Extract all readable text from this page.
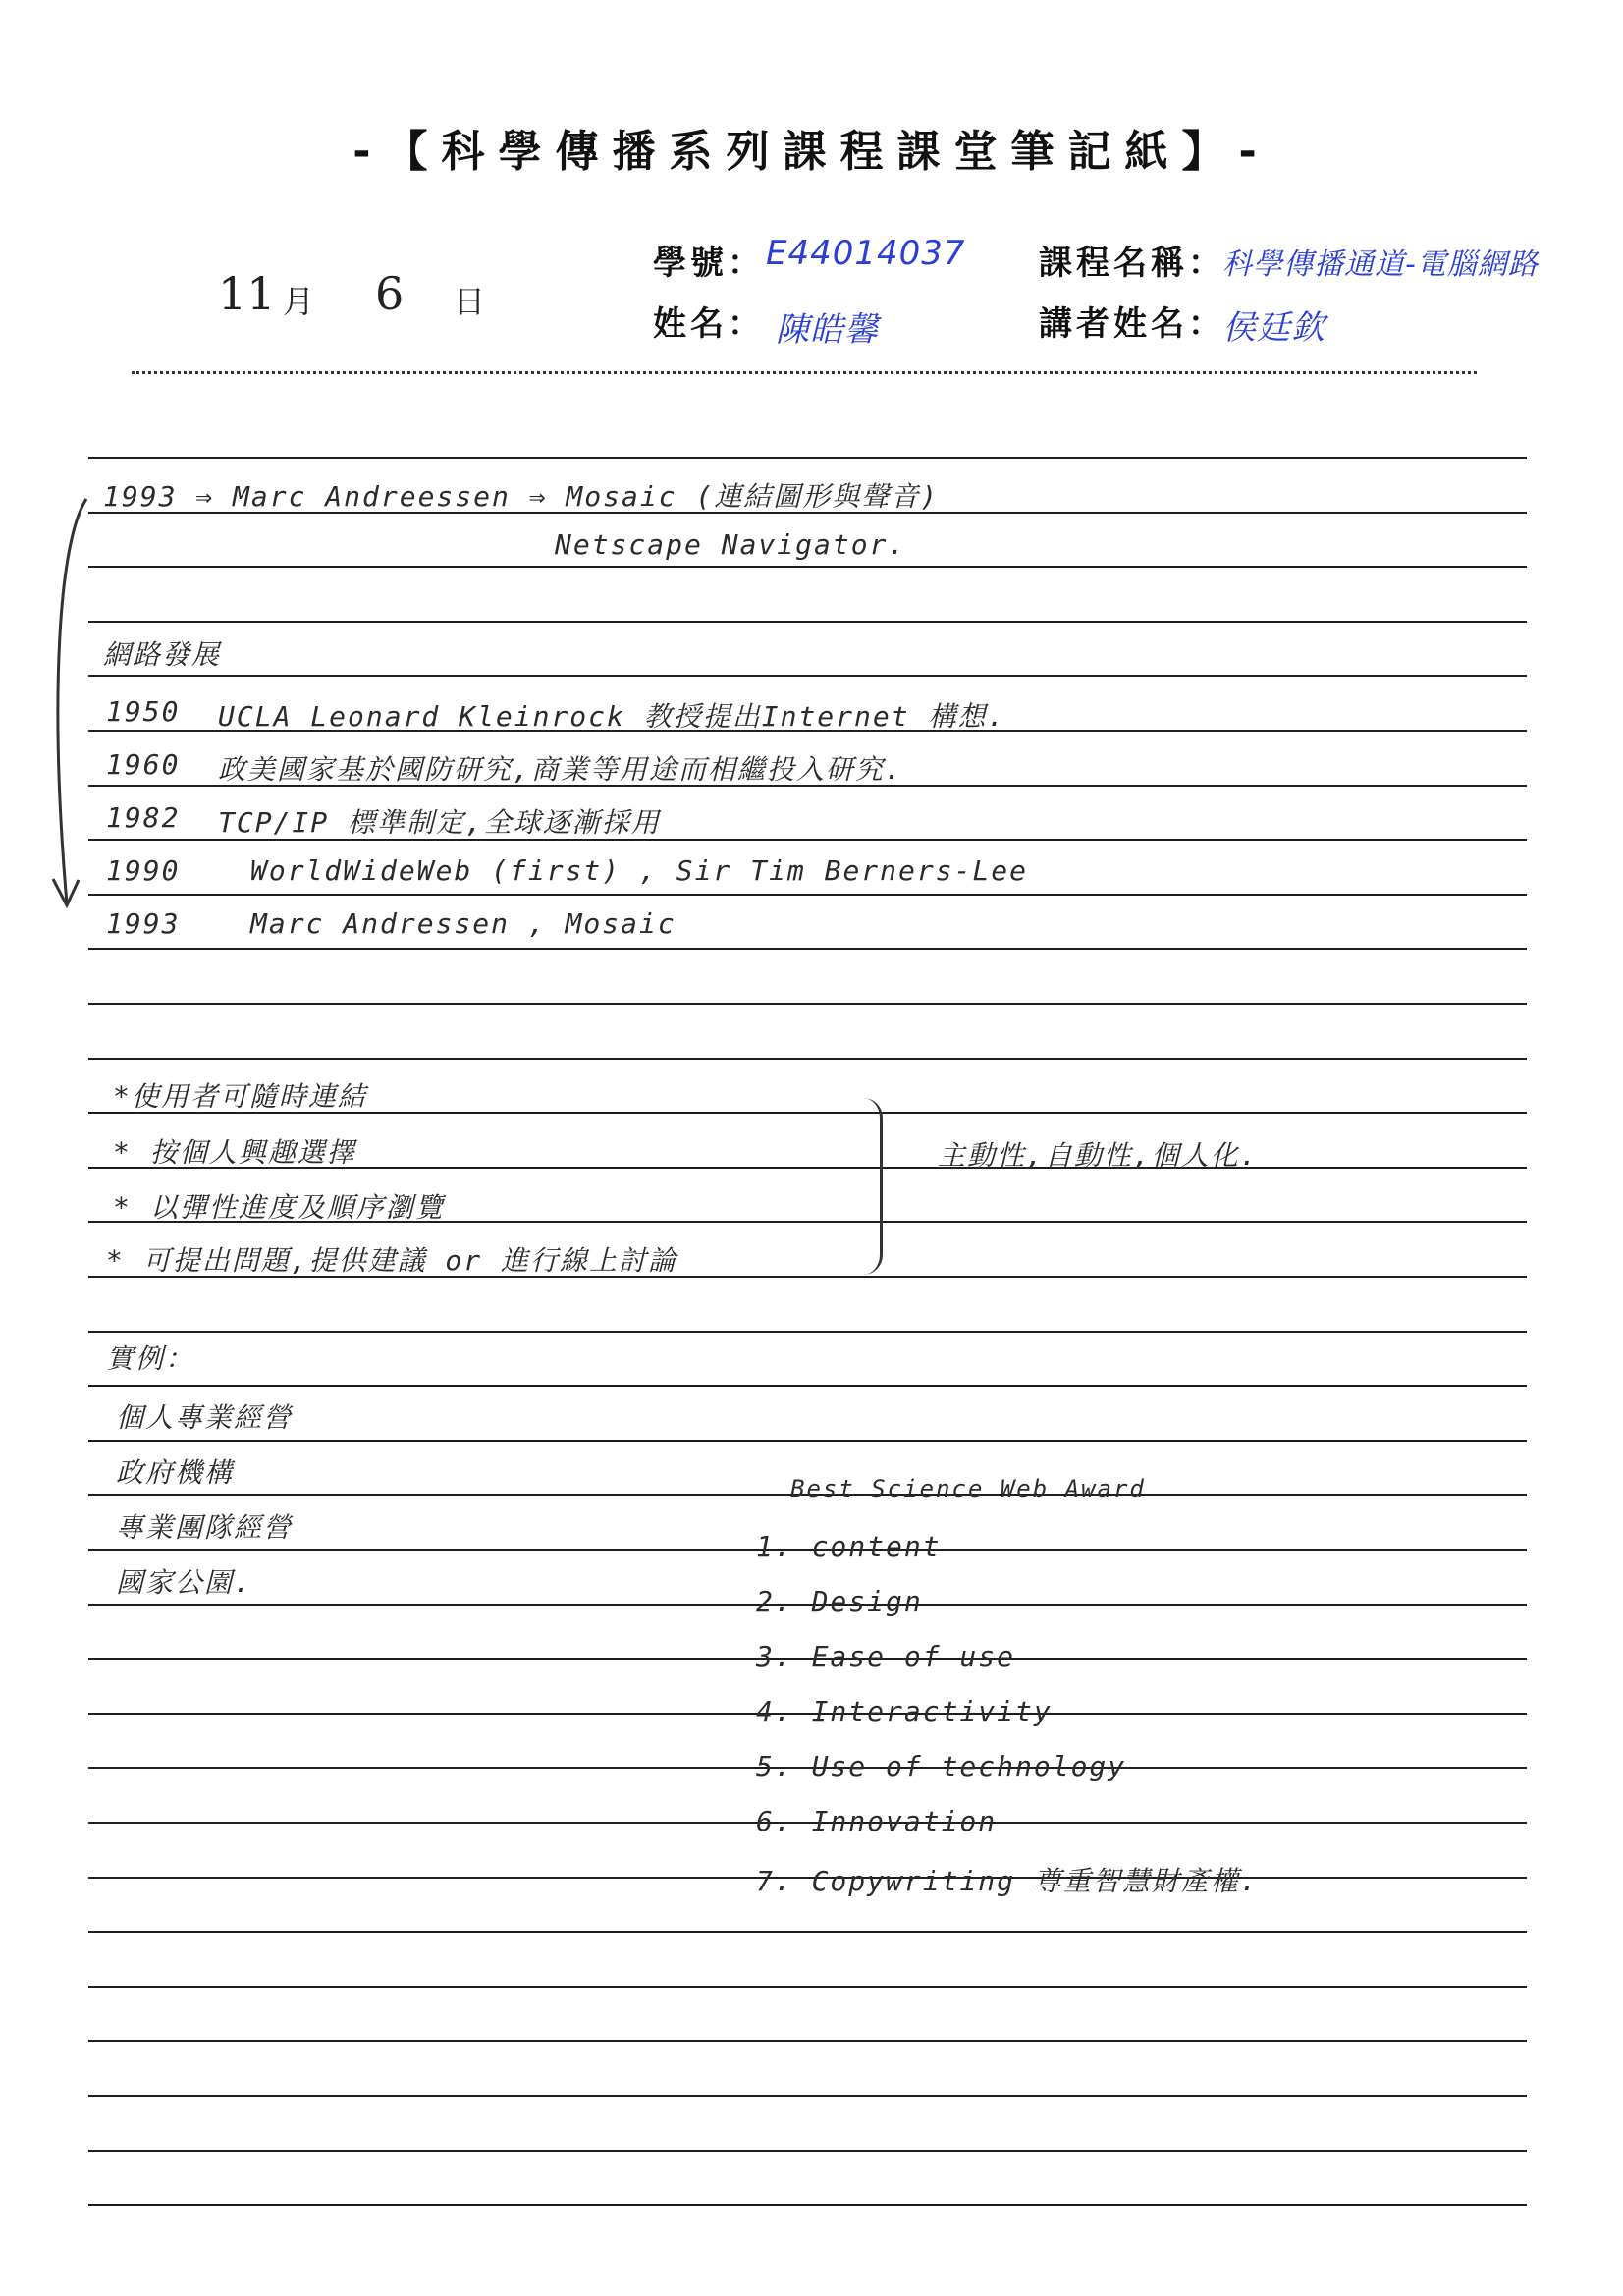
-【科學傳播系列課程課堂筆記紙】-
11 月 6 日
學號： E44014037
姓名： 陳皓馨
課程名稱：
科學傳播通道-電腦網路
講者姓名：
侯廷欽
1993 ⇒ Marc Andreessen ⇒ Mosaic (連結圖形與聲音)
Netscape Navigator.
網路發展
1950 UCLA Leonard Kleinrock 教授提出Internet 構想.
1960 政美國家基於國防研究,商業等用途而相繼投入研究.
1982 TCP/IP 標準制定,全球逐漸採用
1990	WorldWideWeb (first) , Sir Tim Berners-Lee
1993	Marc Andressen , Mosaic
*使用者可隨時連結
* 按個人興趣選擇
* 以彈性進度及順序瀏覽
* 可提出問題,提供建議 or 進行線上討論
主動性,自動性,個人化.
實例：
個人專業經營
政府機構
專業團隊經營
國家公園.
Best Science Web Award
1. content
2. Design
3. Ease of use
4. Interactivity
5. Use of technology
6. Innovation
7. Copywriting 尊重智慧財產權.
